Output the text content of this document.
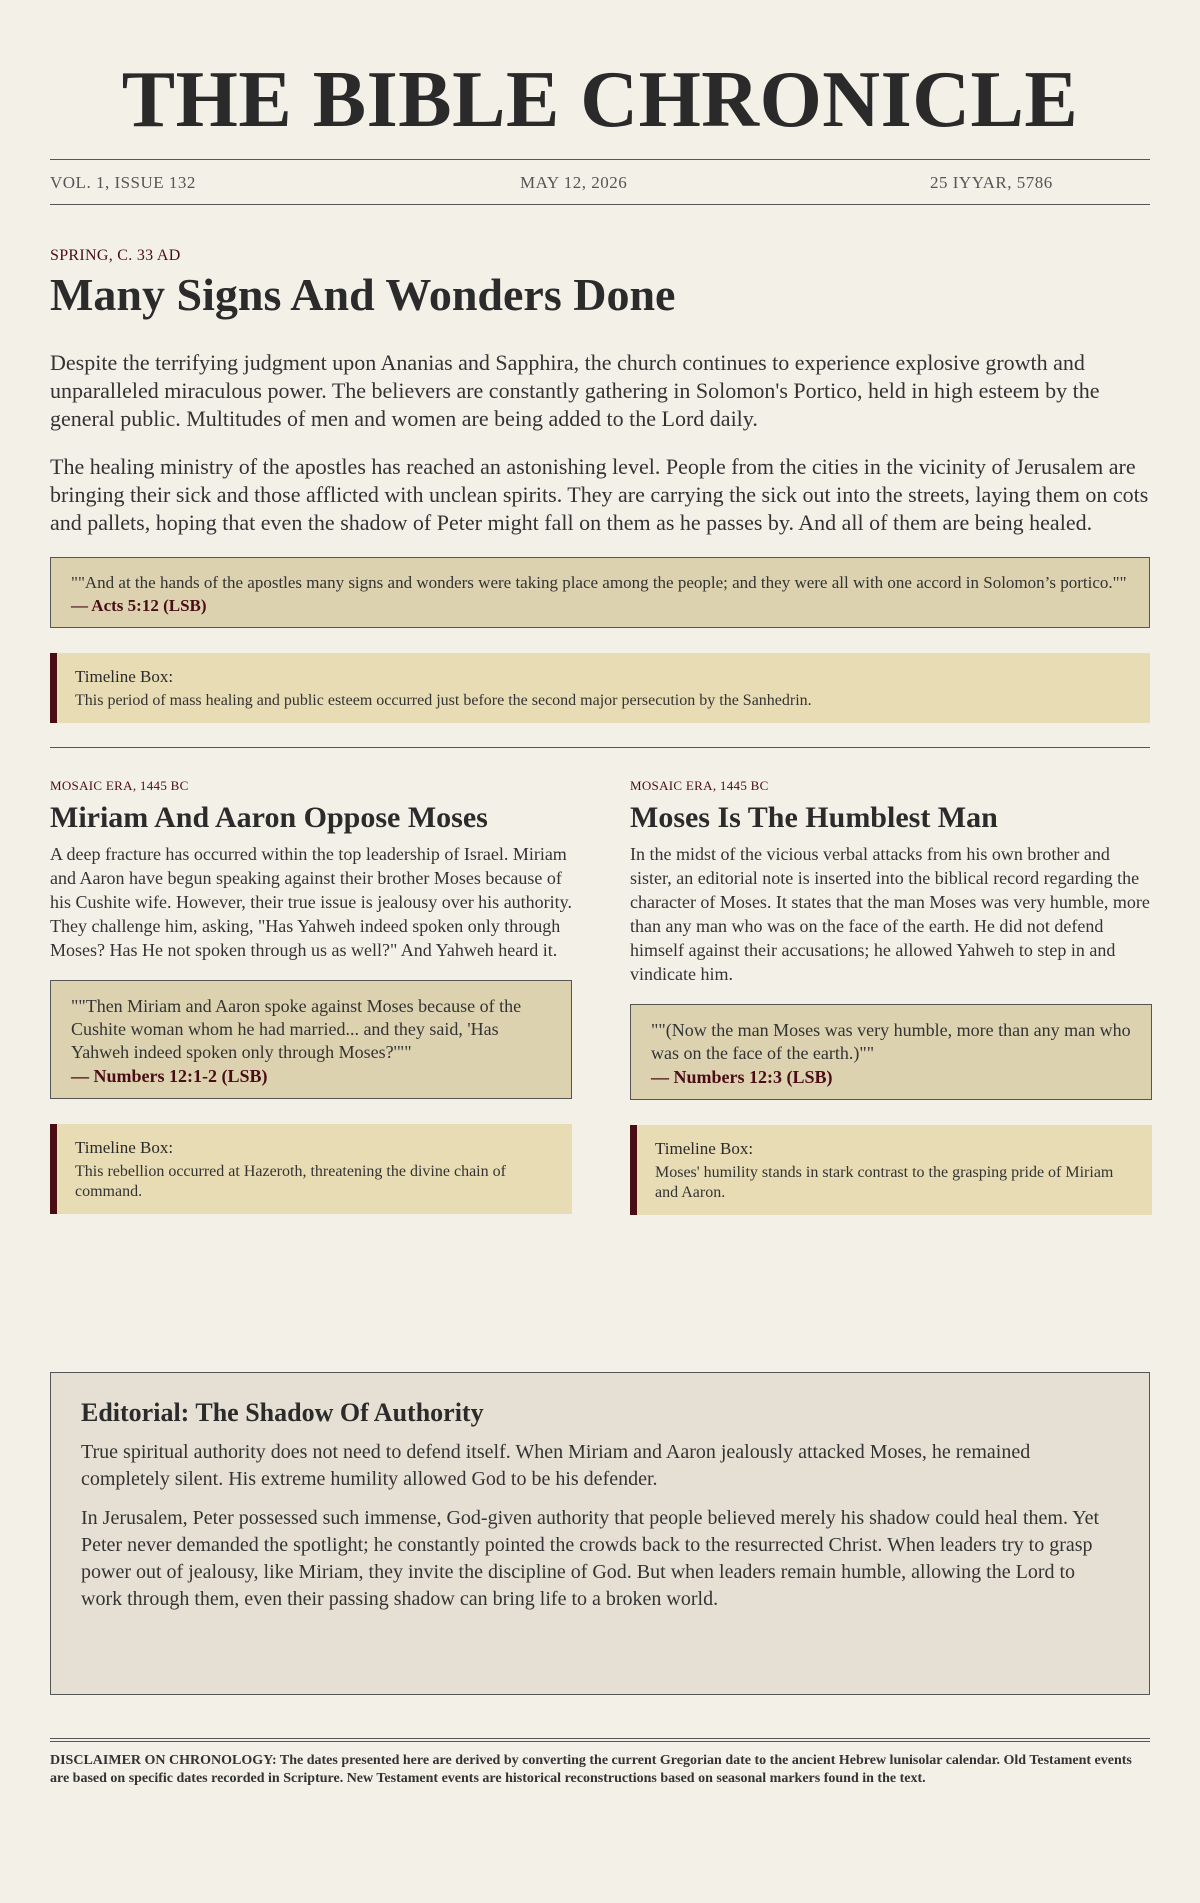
THE BIBLE CHRONICLE
VOL. 1, ISSUE 132	MAY 12, 2026	25 IYYAR, 5786
SPRING, C. 33 AD
Many Signs And Wonders Done

Despite the terrifying judgment upon Ananias and Sapphira, the church continues to experience explosive growth and unparalleled miraculous power. The believers are constantly gathering in Solomon's Portico, held in high esteem by the general public. Multitudes of men and women are being added to the Lord daily.

The healing ministry of the apostles has reached an astonishing level. People from the cities in the vicinity of Jerusalem are bringing their sick and those afflicted with unclean spirits. They are carrying the sick out into the streets, laying them on cots and pallets, hoping that even the shadow of Peter might fall on them as he passes by. And all of them are being healed.

""And at the hands of the apostles many signs and wonders were taking place among the people; and they were all with one accord in Solomon’s portico.""
— Acts 5:12 (LSB)
Timeline Box:
This period of mass healing and public esteem occurred just before the second major persecution by the Sanhedrin.
MOSAIC ERA, 1445 BC
Miriam And Aaron Oppose Moses

A deep fracture has occurred within the top leadership of Israel. Miriam and Aaron have begun speaking against their brother Moses because of his Cushite wife. However, their true issue is jealousy over his authority. They challenge him, asking, "Has Yahweh indeed spoken only through Moses? Has He not spoken through us as well?" And Yahweh heard it.

""Then Miriam and Aaron spoke against Moses because of the Cushite woman whom he had married... and they said, 'Has Yahweh indeed spoken only through Moses?'""
— Numbers 12:1-2 (LSB)
Timeline Box:
This rebellion occurred at Hazeroth, threatening the divine chain of command.
MOSAIC ERA, 1445 BC
Moses Is The Humblest Man

In the midst of the vicious verbal attacks from his own brother and sister, an editorial note is inserted into the biblical record regarding the character of Moses. It states that the man Moses was very humble, more than any man who was on the face of the earth. He did not defend himself against their accusations; he allowed Yahweh to step in and vindicate him.

""(Now the man Moses was very humble, more than any man who was on the face of the earth.)""
— Numbers 12:3 (LSB)
Timeline Box:
Moses' humility stands in stark contrast to the grasping pride of Miriam and Aaron.
Editorial: The Shadow Of Authority

True spiritual authority does not need to defend itself. When Miriam and Aaron jealously attacked Moses, he remained completely silent. His extreme humility allowed God to be his defender.

In Jerusalem, Peter possessed such immense, God-given authority that people believed merely his shadow could heal them. Yet Peter never demanded the spotlight; he constantly pointed the crowds back to the resurrected Christ. When leaders try to grasp power out of jealousy, like Miriam, they invite the discipline of God. But when leaders remain humble, allowing the Lord to work through them, even their passing shadow can bring life to a broken world.

DISCLAIMER ON CHRONOLOGY: The dates presented here are derived by converting the current Gregorian date to the ancient Hebrew lunisolar calendar. Old Testament events are based on specific dates recorded in Scripture. New Testament events are historical reconstructions based on seasonal markers found in the text.
